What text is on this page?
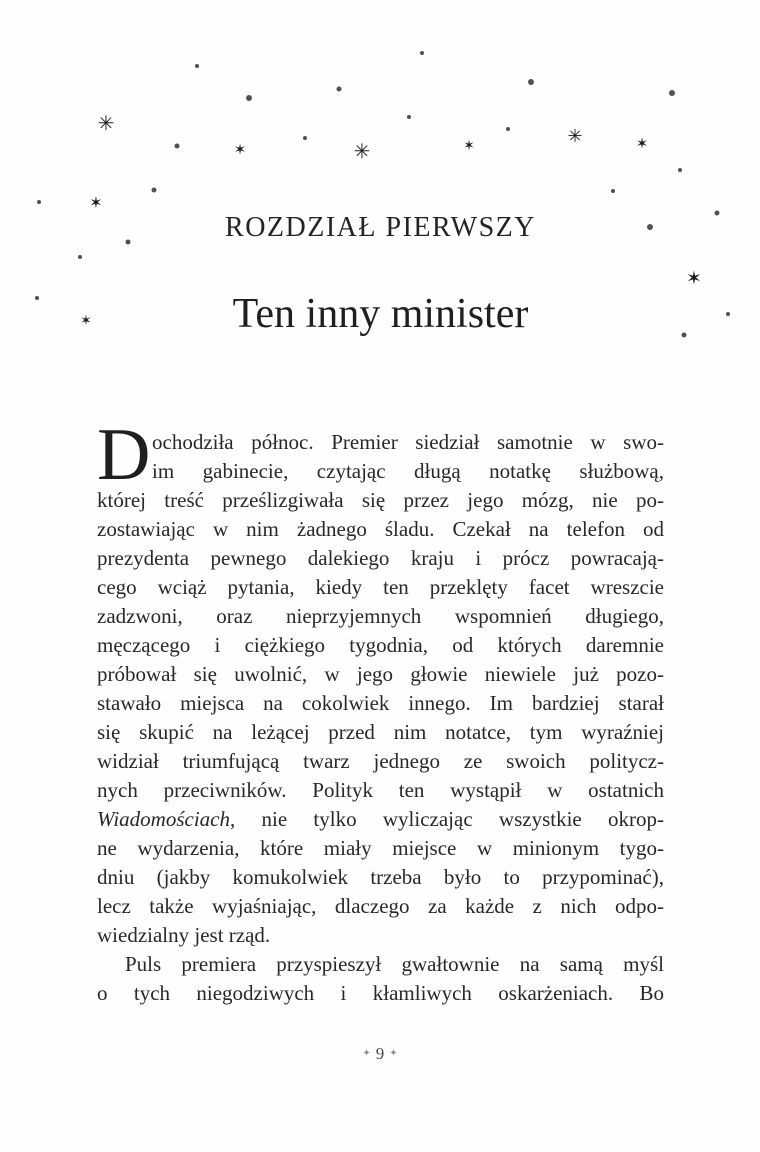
✳
✳
✳
✶	✶	✶
✶
✶
✶
ROZDZIAŁ PIERWSZY
Ten inny minister
D ochodziła północ. Premier siedział samotnie w swo-
im gabinecie, czytając długą notatkę służbową,
której treść prześlizgiwała się przez jego mózg, nie po-
zostawiając w nim żadnego śladu. Czekał na telefon od
prezydenta pewnego dalekiego kraju i prócz powracają-
cego wciąż pytania, kiedy ten przeklęty facet wreszcie
zadzwoni, oraz nieprzyjemnych wspomnień długiego,
męczącego i ciężkiego tygodnia, od których daremnie
próbował się uwolnić, w jego głowie niewiele już pozo-
stawało miejsca na cokolwiek innego. Im bardziej starał
się skupić na leżącej przed nim notatce, tym wyraźniej
widział triumfującą twarz jednego ze swoich politycz-
nych przeciwników. Polityk ten wystąpił w ostatnich
Wiadomościach, nie tylko wyliczając wszystkie okrop-
ne wydarzenia, które miały miejsce w minionym tygo-
dniu (jakby komukolwiek trzeba było to przypominać),
lecz także wyjaśniając, dlaczego za każde z nich odpo-
wiedzialny jest rząd.
Puls premiera przyspieszył gwałtownie na samą myśl
o tych niegodziwych i kłamliwych oskarżeniach. Bo
✦ 9 ✦
